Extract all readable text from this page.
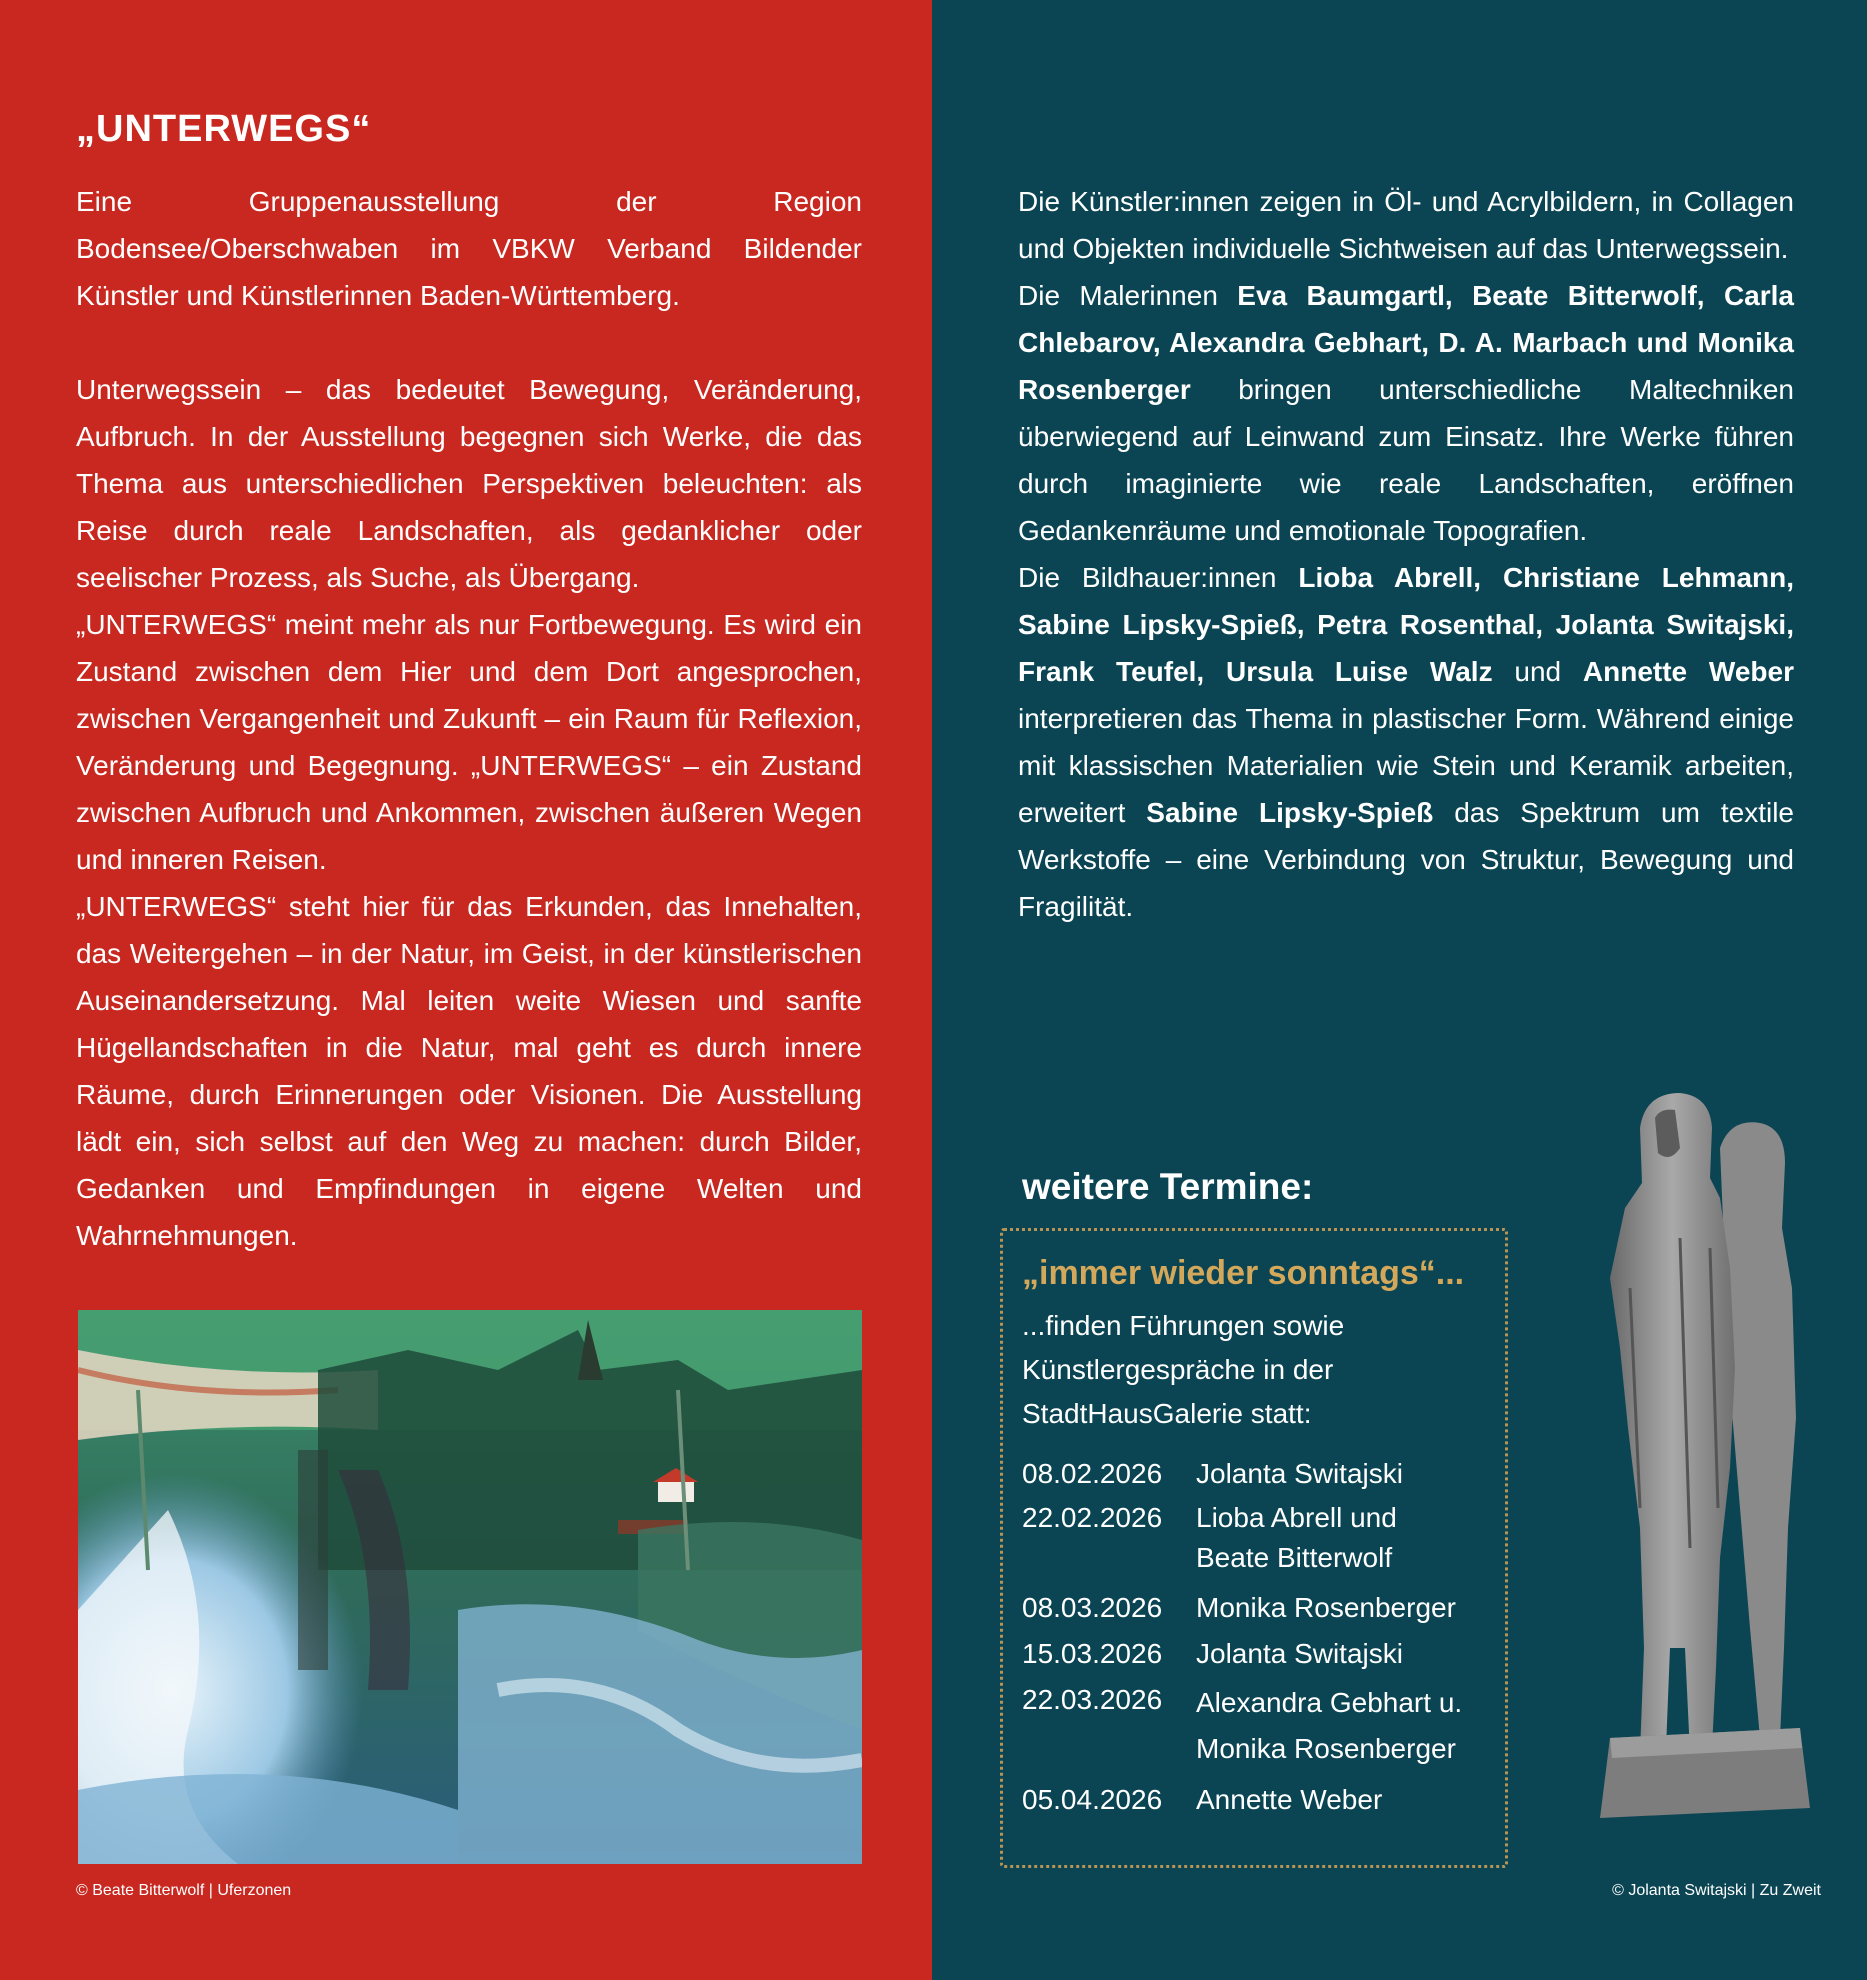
„UNTERWEGS“

Eine Gruppenausstellung der Region Bodensee/Oberschwaben im VBKW Verband Bildender Künstler und Künstlerinnen Baden-Württemberg.

Unterwegssein – das bedeutet Bewegung, Veränderung, Aufbruch. In der Ausstellung begegnen sich Werke, die das Thema aus unterschiedlichen Perspektiven beleuchten: als Reise durch reale Landschaften, als gedanklicher oder seelischer Prozess, als Suche, als Übergang.

„UNTERWEGS“ meint mehr als nur Fortbewegung. Es wird ein Zustand zwischen dem Hier und dem Dort angesprochen, zwischen Vergangenheit und Zukunft – ein Raum für Reflexion, Veränderung und Begegnung. „UNTERWEGS“ – ein Zustand zwischen Aufbruch und Ankommen, zwischen äußeren Wegen und inneren Reisen.

„UNTERWEGS“ steht hier für das Erkunden, das Innehalten, das Weitergehen – in der Natur, im Geist, in der künstlerischen Auseinandersetzung. Mal leiten weite Wiesen und sanfte Hügellandschaften in die Natur, mal geht es durch innere Räume, durch Erinnerungen oder Visionen. Die Ausstellung lädt ein, sich selbst auf den Weg zu machen: durch Bilder, Gedanken und Empfindungen in eigene Welten und Wahrnehmungen.

© Beate Bitterwolf | Uferzonen

Die Künstler:innen zeigen in Öl- und Acrylbildern, in Collagen und Objekten individuelle Sichtweisen auf das Unterwegssein.

Die Malerinnen Eva Baumgartl, Beate Bitterwolf, Carla Chlebarov, Alexandra Gebhart, D. A. Marbach und Monika Rosenberger bringen unterschiedliche Maltechniken überwiegend auf Leinwand zum Einsatz. Ihre Werke führen durch imaginierte wie reale Landschaften, eröffnen Gedankenräume und emotionale Topografien.

Die Bildhauer:innen Lioba Abrell, Christiane Lehmann, Sabine Lipsky-Spieß, Petra Rosenthal, Jolanta Switajski, Frank Teufel, Ursula Luise Walz und Annette Weber interpretieren das Thema in plastischer Form. Während einige mit klassischen Materialien wie Stein und Keramik arbeiten, erweitert Sabine Lipsky-Spieß das Spektrum um textile Werkstoffe – eine Verbindung von Struktur, Bewegung und Fragilität.

weitere Termine:

„immer wieder sonntags“...

...finden Führungen sowie
Künstlergespräche in der
StadtHausGalerie statt:
08.02.2026	Jolanta Switajski
22.02.2026	Lioba Abrell und
Beate Bitterwolf
08.03.2026	Monika Rosenberger
15.03.2026	Jolanta Switajski
22.03.2026	Alexandra Gebhart u.
Monika Rosenberger
05.04.2026	Annette Weber

© Jolanta Switajski | Zu Zweit
